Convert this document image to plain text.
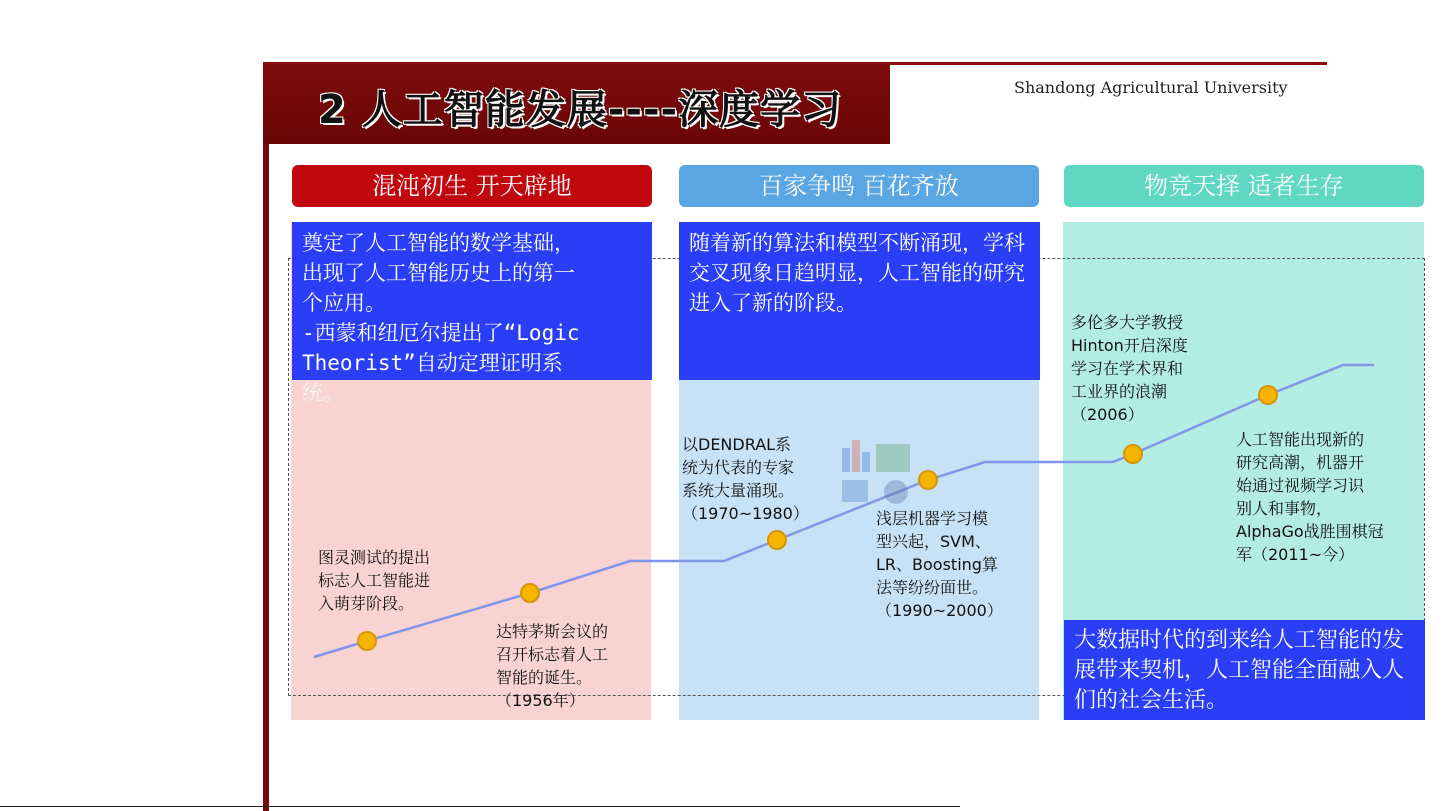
2 人工智能发展----深度学习	Shandong Agricultural University
混沌初生 开天辟地	百家争鸣 百花齐放	物竞天择 适者生存
奠定了人工智能的数学基础，
出现了人工智能历史上的第一
个应用。
-西蒙和纽厄尔提出了“Logic
Theorist”自动定理证明系
统。
随着新的算法和模型不断涌现，学科交叉现象日趋明显，人工智能的研究进入了新的阶段。
大数据时代的到来给人工智能的发展带来契机，人工智能全面融入人们的社会生活。
图灵测试的提出
标志人工智能进
入萌芽阶段。
达特茅斯会议的
召开标志着人工
智能的诞生。
（1956年）
以DENDRAL系
统为代表的专家
系统大量涌现。
（1970~1980）	浅层机器学习模
型兴起，SVM、
LR、Boosting算
法等纷纷面世。
（1990~2000）
多伦多大学教授
Hinton开启深度
学习在学术界和
工业界的浪潮
（2006）
人工智能出现新的
研究高潮，机器开
始通过视频学习识
别人和事物，
AlphaGo战胜围棋冠
军（2011~今）
